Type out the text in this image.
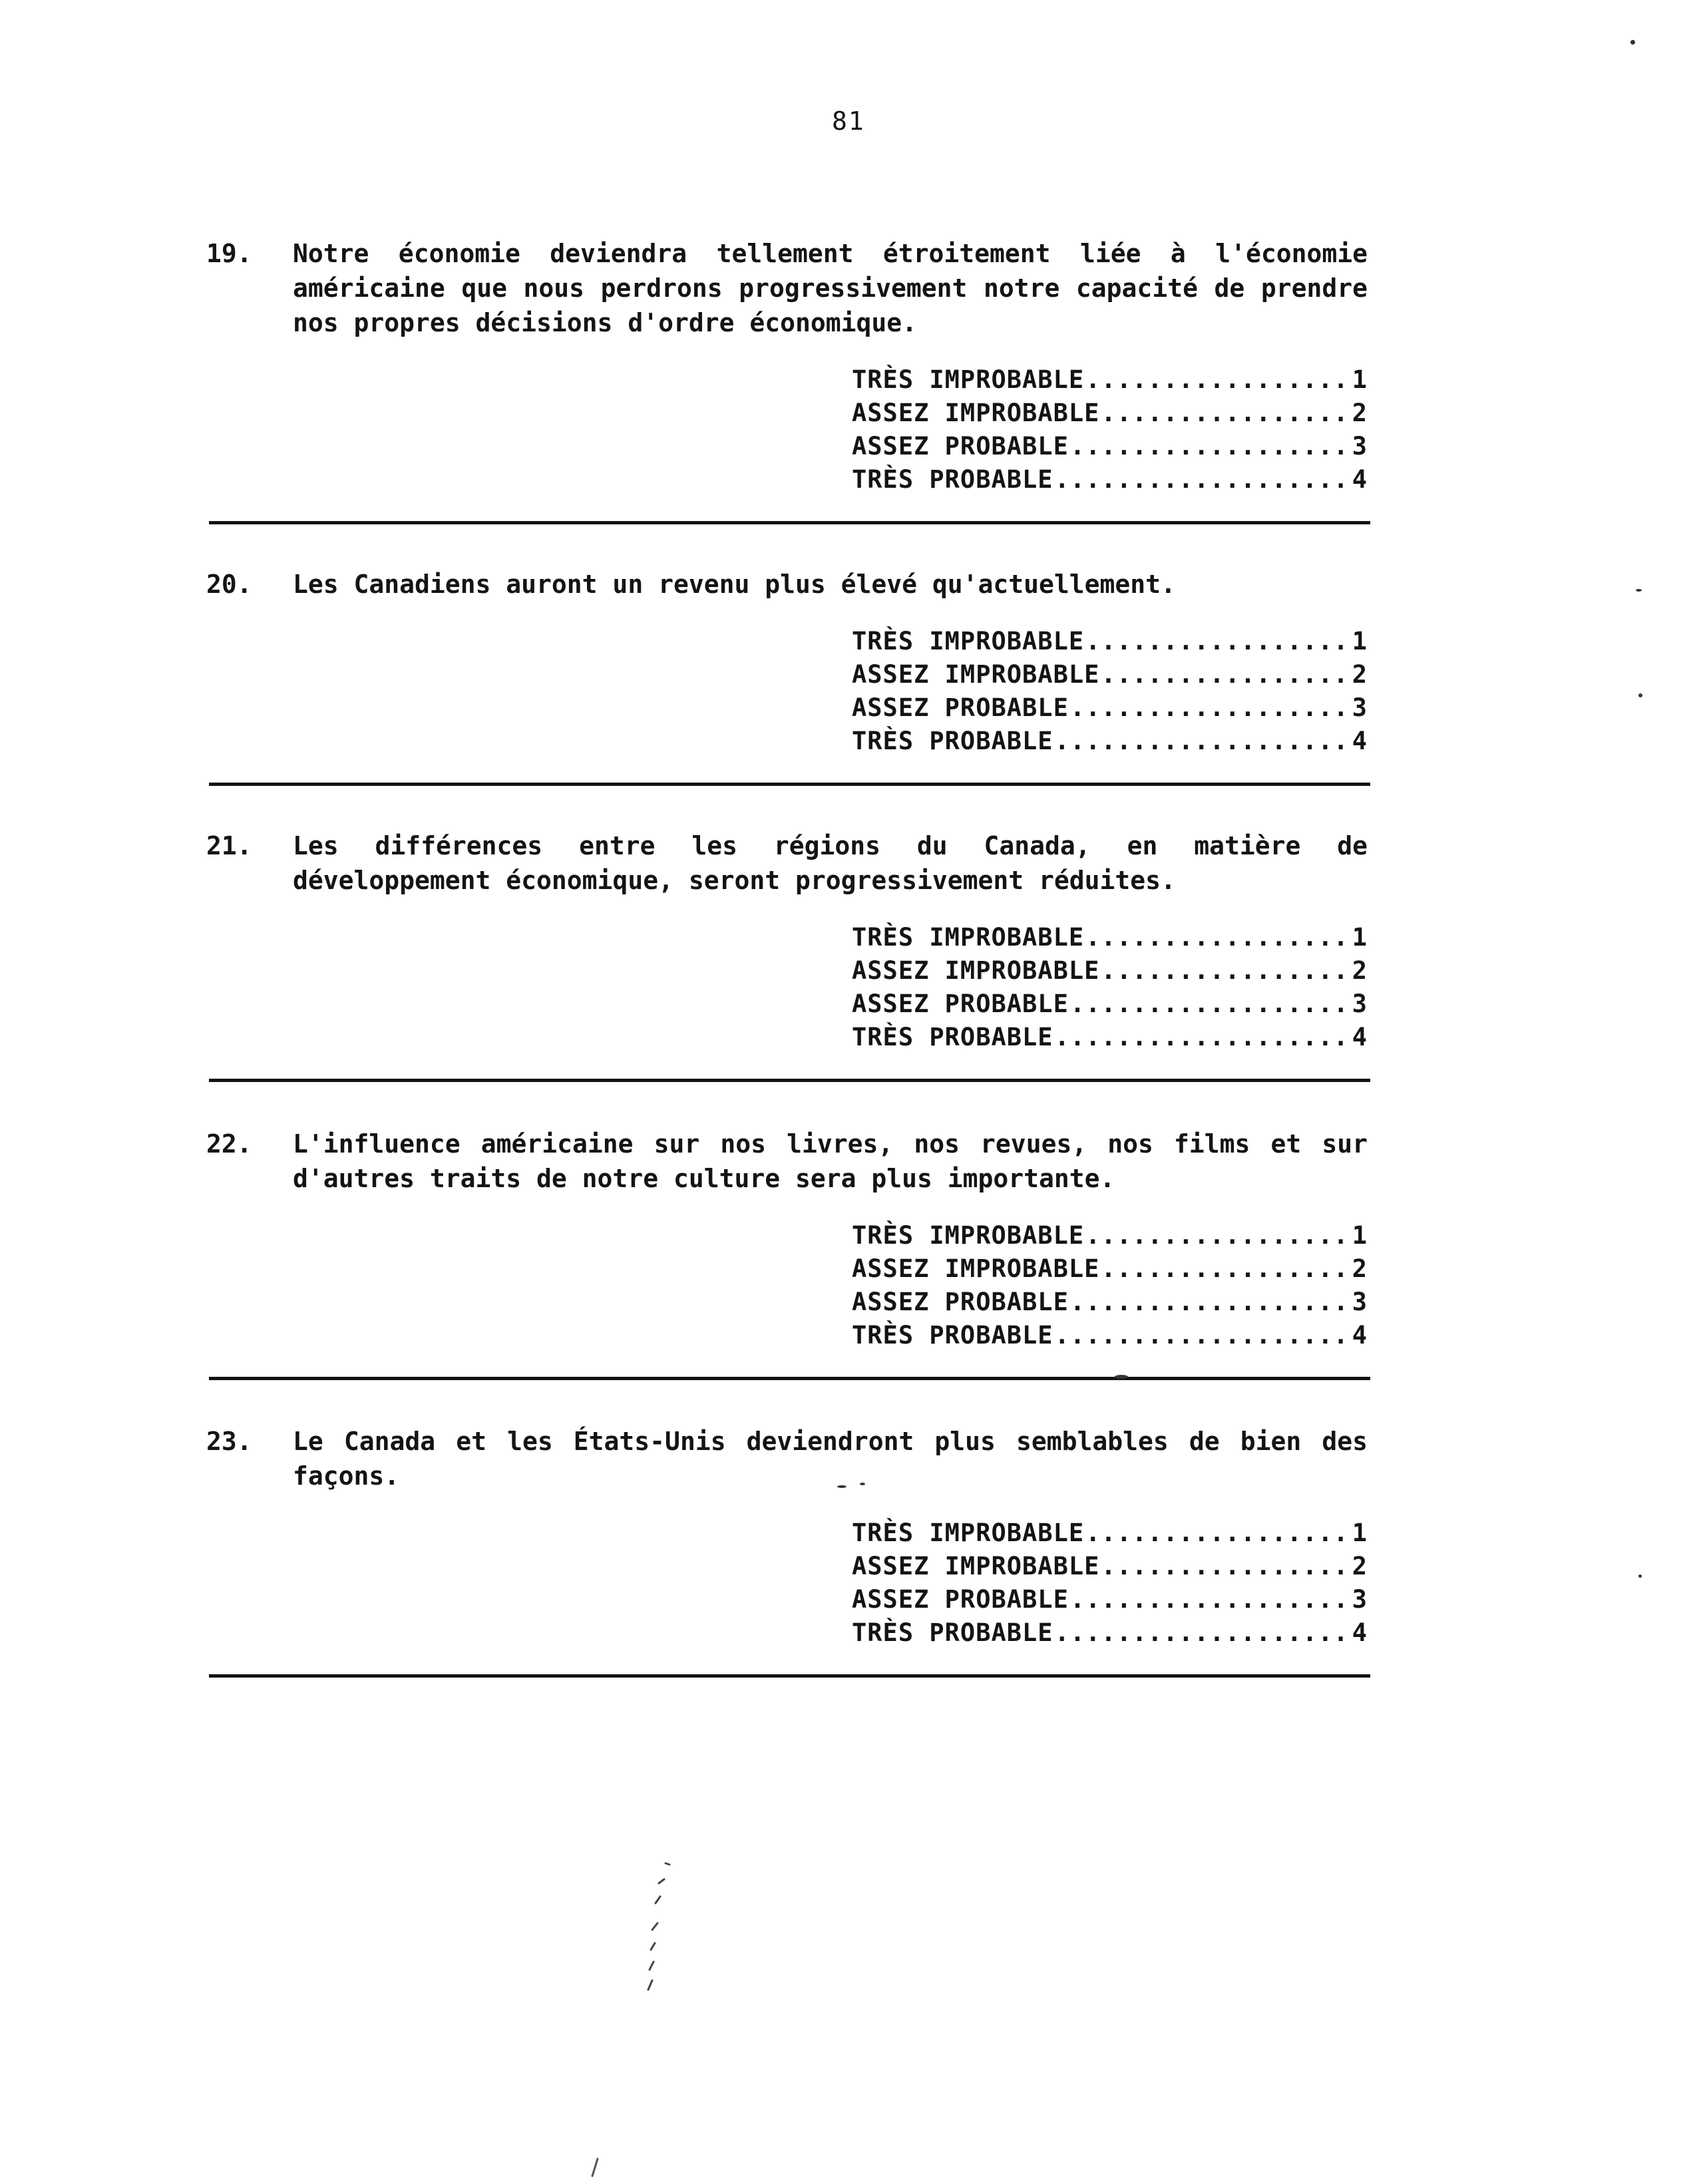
81
19.	Notre économie deviendra tellement étroitement liée à l'économie américaine que nous perdrons progressivement notre capacité de prendre nos propres décisions d'ordre économique.
TRÈS IMPROBABLE .....	1
ASSEZ IMPROBABLE .....	2
ASSEZ PROBABLE .....	3
TRÈS PROBABLE .....	4
20.	Les Canadiens auront un revenu plus élevé qu'actuellement.
TRÈS IMPROBABLE .....	1
ASSEZ IMPROBABLE .....	2
ASSEZ PROBABLE .....	3
TRÈS PROBABLE .....	4
21.	Les différences entre les régions du Canada, en matière de développement économique, seront progressivement réduites.
TRÈS IMPROBABLE .....	1
ASSEZ IMPROBABLE .....	2
ASSEZ PROBABLE .....	3
TRÈS PROBABLE .....	4
22.	L'influence américaine sur nos livres, nos revues, nos films et sur d'autres traits de notre culture sera plus importante.
TRÈS IMPROBABLE .....	1
ASSEZ IMPROBABLE .....	2
ASSEZ PROBABLE .....	3
TRÈS PROBABLE .....	4
23.	Le Canada et les États-Unis deviendront plus semblables de bien des façons.
TRÈS IMPROBABLE .....	1
ASSEZ IMPROBABLE .....	2
ASSEZ PROBABLE .....	3
TRÈS PROBABLE .....	4
